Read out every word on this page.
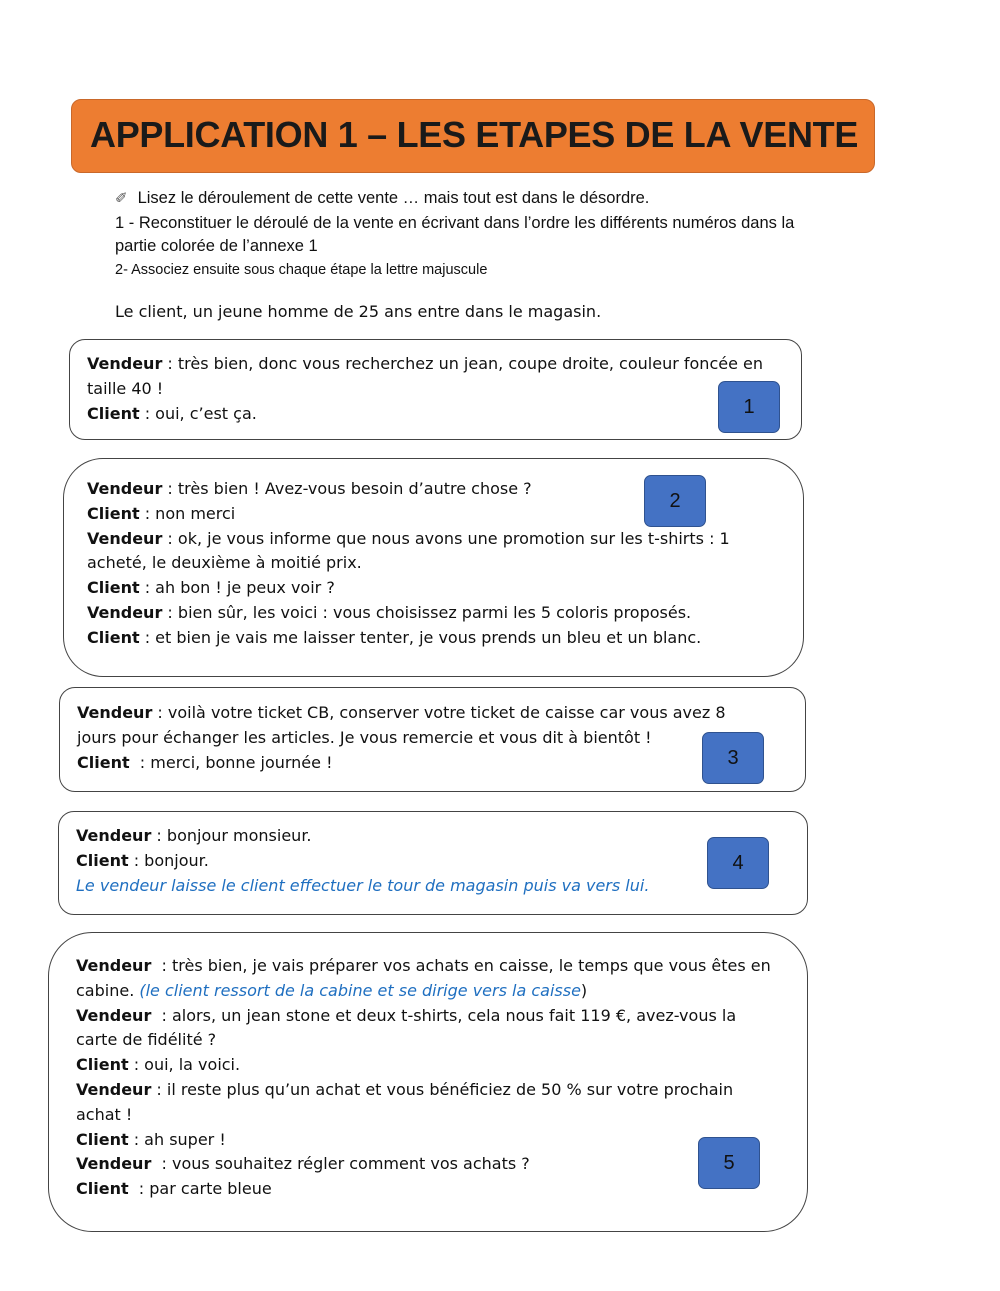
APPLICATION 1 – LES ETAPES DE LA VENTE
✐ Lisez le déroulement de cette vente … mais tout est dans le désordre.
1 - Reconstituer le déroulé de la vente en écrivant dans l’ordre les différents numéros dans la
partie colorée de l’annexe 1
2- Associez ensuite sous chaque étape la lettre majuscule
Le client, un jeune homme de 25 ans entre dans le magasin.
Vendeur : très bien, donc vous recherchez un jean, coupe droite, couleur foncée en
taille 40 !
Client : oui, c’est ça.	1
Vendeur : très bien ! Avez-vous besoin d’autre chose ?
Client : non merci
Vendeur : ok, je vous informe que nous avons une promotion sur les t-shirts : 1
acheté, le deuxième à moitié prix.
Client : ah bon ! je peux voir ?
Vendeur : bien sûr, les voici : vous choisissez parmi les 5 coloris proposés.
Client : et bien je vais me laisser tenter, je vous prends un bleu et un blanc.
2
Vendeur : voilà votre ticket CB, conserver votre ticket de caisse car vous avez 8
jours pour échanger les articles. Je vous remercie et vous dit à bientôt !
Client  : merci, bonne journée !	3
Vendeur : bonjour monsieur.
Client : bonjour.
Le vendeur laisse le client effectuer le tour de magasin puis va vers lui.
4
Vendeur  : très bien, je vais préparer vos achats en caisse, le temps que vous êtes en
cabine. (le client ressort de la cabine et se dirige vers la caisse)
Vendeur  : alors, un jean stone et deux t-shirts, cela nous fait 119 €, avez-vous la
carte de fidélité ?
Client : oui, la voici.
Vendeur : il reste plus qu’un achat et vous bénéficiez de 50 % sur votre prochain
achat !
Client : ah super !
Vendeur  : vous souhaitez régler comment vos achats ?
Client  : par carte bleue
5
